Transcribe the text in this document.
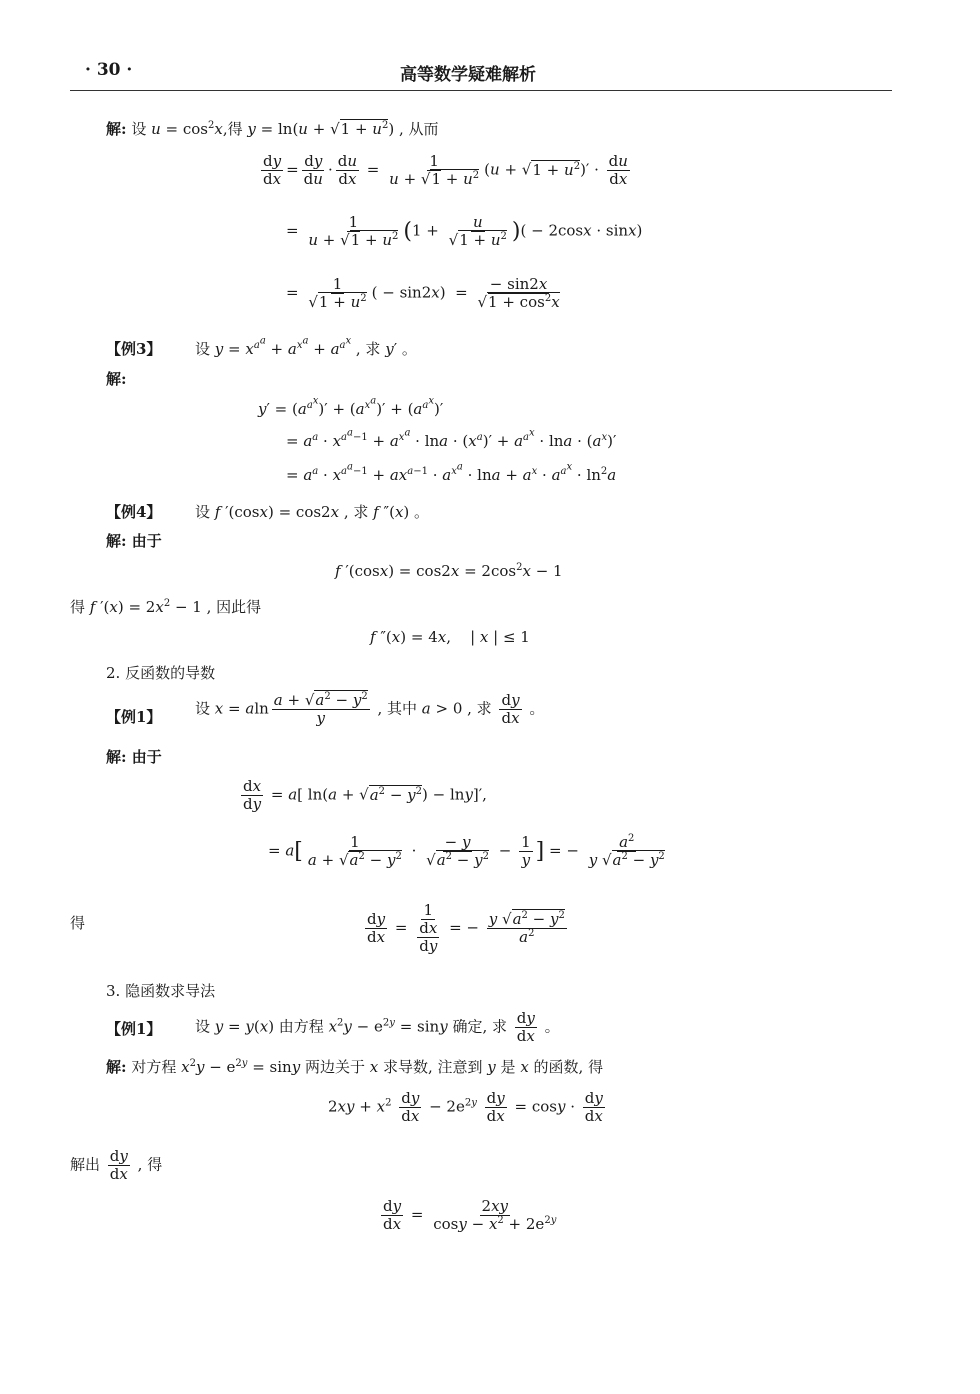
· 30 ·	高等数学疑难解析
解: 设 $u = \cos^2x$,得 $y = \ln(u + √1 + u^2)$ , 从而
$\frac{dy}{dx} = \frac{dy}{du} \cdot \frac{du}{dx} = \frac{1}{u + √1 + u^2} (u + √1 + u^2)' \cdot \frac{du}{dx}$
= $\frac{1}{u + √1 + u^2} (1 + \frac{u}{√1 + u^2}$ )( − 2cosx · sinx)
= $\frac{1}{√1 + u^2}$ ( − $\sin 2x) = \frac{- \sin 2x}{√1 + \cos^2x}$
【例3】 设 $y = x^{a^a} + a^{x^a} + a^{a^x}$ , 求 y′ 。
解:
$y' = (a^{a^x})' + (a^{x^a})' + (a^{a^x})'$
= $a^a \cdot x^{a^a-1} + a^{x^a} \cdot \ln a \cdot (x^a)' + a^{a^x} \cdot \ln a \cdot (a^x)'$
= $a^a \cdot x^{a^a-1} + ax^{a-1} \cdot a^{x^a} \cdot \ln a + a^x \cdot a^{a^x} \cdot \ln^2a$
【例4】 设 f ′(cosx) = cos2x , 求 f ″(x) 。
解: 由于
f $'(\cos x) = \cos 2x = 2\cos^2x - 1$
得 f $'(x) = 2x^2 - 1$ , 因此得
f ″(x) = 4x,    | x | ≤ 1
2. 反函数的导数
【例1】 设 x = aln $\frac{a + √a^2 - y^2}{y}$ , 其中 a > 0 , 求 $\frac{dy}{dx}$ 。
解: 由于
$\frac{dx}{dy} = a$[ $\ln(a + √a^2 - y^2) - \ln y]'$,
= $a[ \frac{1}{a + √a^2 - y^2} \cdot \frac{- y}{√a^2 - y^2} - \frac{1}{y}$ ] = − $\frac{a^2}{y √a^2 - y^2}$
得	$\frac{dy}{dx} = \frac{1}{\frac{dx}{dy}}$ = − $\frac{y √a^2 - y^2}{a^2}$
3. 隐函数求导法
【例1】 设 y = y(x) 由方程 $x^2y - e^{2y} = \sin y$ 确定, 求 $\frac{dy}{dx}$ 。
解: 对方程 $x^2y - e^{2y} = \sin y$ 两边关于 x 求导数, 注意到 y 是 x 的函数, 得
$2xy + x^2 \frac{dy}{dx} - 2e^{2y} \frac{dy}{dx} = \cos y \cdot \frac{dy}{dx}$
解出 $\frac{dy}{dx}$ , 得
$\frac{dy}{dx} = \frac{2xy}{\cos y - x^2 + 2e^{2y}}$
